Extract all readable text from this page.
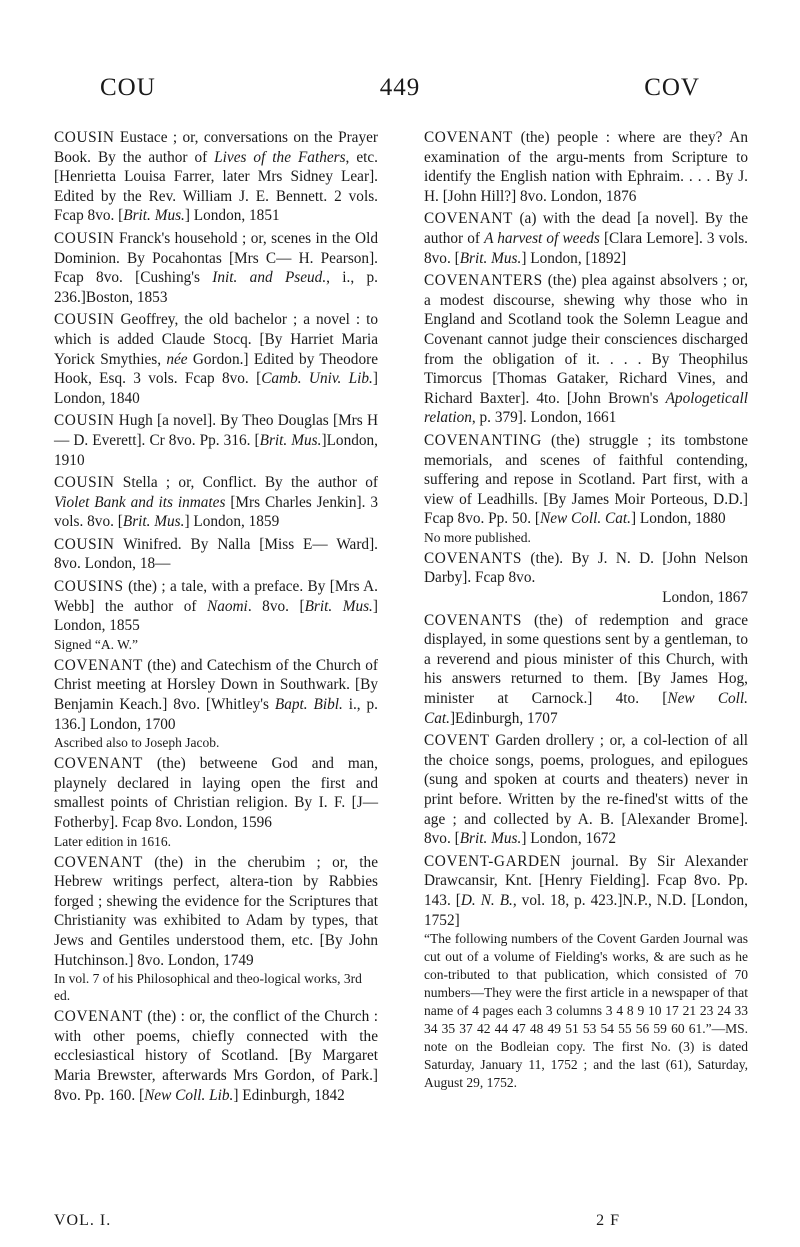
COU	449	COV
COUSIN Eustace ; or, conversations on the Prayer Book. By the author of Lives of the Fathers, etc. [Henrietta Louisa Farrer, later Mrs Sidney Lear]. Edited by the Rev. William J. E. Bennett. 2 vols. Fcap 8vo. [Brit. Mus.] London, 1851
COUSIN Franck's household ; or, scenes in the Old Dominion. By Pocahontas [Mrs C— H. Pearson]. Fcap 8vo. [Cushing's Init. and Pseud., i., p. 236.]Boston, 1853
COUSIN Geoffrey, the old bachelor ; a novel : to which is added Claude Stocq. [By Harriet Maria Yorick Smythies, née Gordon.] Edited by Theodore Hook, Esq. 3 vols. Fcap 8vo. [Camb. Univ. Lib.] London, 1840
COUSIN Hugh [a novel]. By Theo Douglas [Mrs H— D. Everett]. Cr 8vo. Pp. 316. [Brit. Mus.]London, 1910
COUSIN Stella ; or, Conflict. By the author of Violet Bank and its inmates [Mrs Charles Jenkin]. 3 vols. 8vo. [Brit. Mus.] London, 1859
COUSIN Winifred. By Nalla [Miss E— Ward]. 8vo. London, 18—
COUSINS (the) ; a tale, with a preface. By [Mrs A. Webb] the author of Naomi. 8vo. [Brit. Mus.] London, 1855
Signed “A. W.”
COVENANT (the) and Catechism of the Church of Christ meeting at Horsley Down in Southwark. [By Benjamin Keach.] 8vo. [Whitley's Bapt. Bibl. i., p. 136.] London, 1700
Ascribed also to Joseph Jacob.
COVENANT (the) betweene God and man, playnely declared in laying open the first and smallest points of Christian religion. By I. F. [J— Fotherby]. Fcap 8vo. London, 1596
Later edition in 1616.
COVENANT (the) in the cherubim ; or, the Hebrew writings perfect, altera-tion by Rabbies forged ; shewing the evidence for the Scriptures that Christianity was exhibited to Adam by types, that Jews and Gentiles understood them, etc. [By John Hutchinson.] 8vo. London, 1749
In vol. 7 of his Philosophical and theo-logical works, 3rd ed.
COVENANT (the) : or, the conflict of the Church : with other poems, chiefly connected with the ecclesiastical history of Scotland. [By Margaret Maria Brewster, afterwards Mrs Gordon, of Park.] 8vo. Pp. 160. [New Coll. Lib.] Edinburgh, 1842
COVENANT (the) people : where are they? An examination of the argu-ments from Scripture to identify the English nation with Ephraim. . . . By J. H. [John Hill?] 8vo. London, 1876
COVENANT (a) with the dead [a novel]. By the author of A harvest of weeds [Clara Lemore]. 3 vols. 8vo. [Brit. Mus.] London, [1892]
COVENANTERS (the) plea against absolvers ; or, a modest discourse, shewing why those who in England and Scotland took the Solemn League and Covenant cannot judge their consciences discharged from the obligation of it. . . . By Theophilus Timorcus [Thomas Gataker, Richard Vines, and Richard Baxter]. 4to. [John Brown's Apologeticall relation, p. 379]. London, 1661
COVENANTING (the) struggle ; its tombstone memorials, and scenes of faithful contending, suffering and repose in Scotland. Part first, with a view of Leadhills. [By James Moir Porteous, D.D.] Fcap 8vo. Pp. 50. [New Coll. Cat.] London, 1880
No more published.
COVENANTS (the). By J. N. D. [John Nelson Darby]. Fcap 8vo.
London, 1867
COVENANTS (the) of redemption and grace displayed, in some questions sent by a gentleman, to a reverend and pious minister of this Church, with his answers returned to them. [By James Hog, minister at Carnock.] 4to. [New Coll. Cat.]Edinburgh, 1707
COVENT Garden drollery ; or, a col-lection of all the choice songs, poems, prologues, and epilogues (sung and spoken at courts and theaters) never in print before. Written by the re-fined'st witts of the age ; and collected by A. B. [Alexander Brome]. 8vo. [Brit. Mus.] London, 1672
COVENT-GARDEN journal. By Sir Alexander Drawcansir, Knt. [Henry Fielding]. Fcap 8vo. Pp. 143. [D. N. B., vol. 18, p. 423.]N.P., N.D. [London, 1752]
“The following numbers of the Covent Garden Journal was cut out of a volume of Fielding's works, & are such as he con-tributed to that publication, which consisted of 70 numbers—They were the first article in a newspaper of that name of 4 pages each 3 columns 3 4 8 9 10 17 21 23 24 33 34 35 37 42 44 47 48 49 51 53 54 55 56 59 60 61.”—MS. note on the Bodleian copy. The first No. (3) is dated Saturday, January 11, 1752 ; and the last (61), Saturday, August 29, 1752.
VOL. I.	2 F
